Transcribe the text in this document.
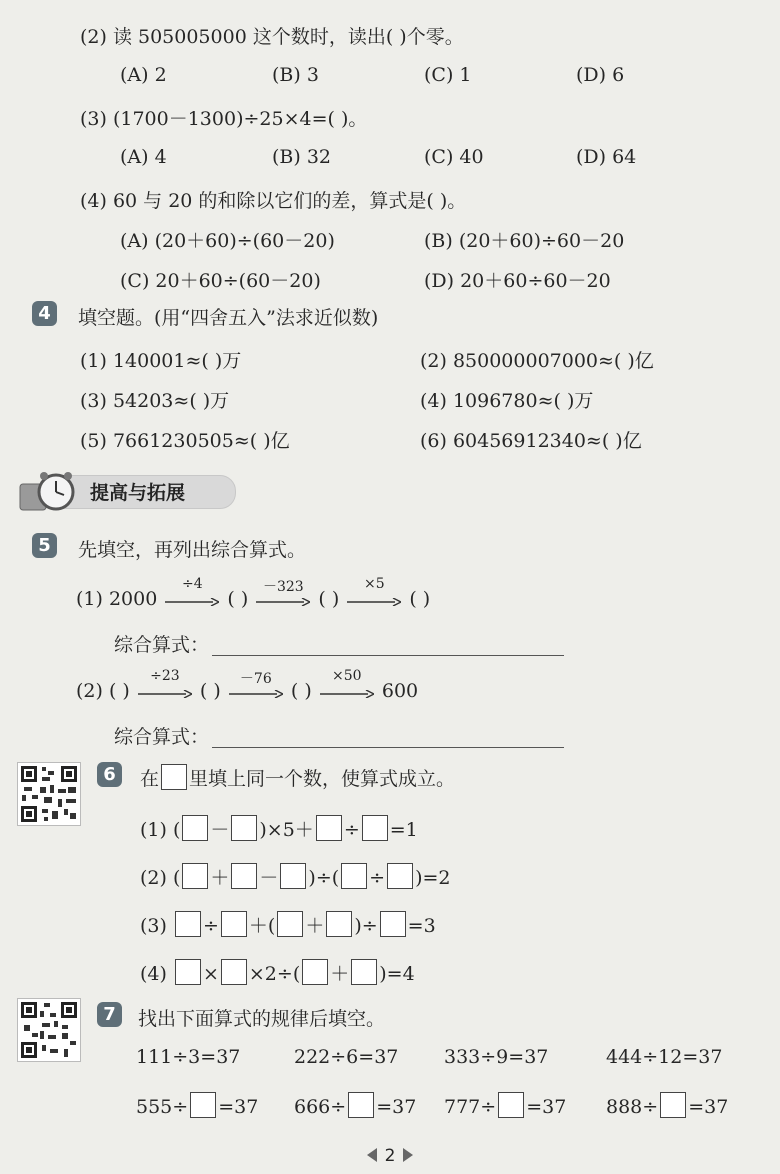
(2) 读 505005000 这个数时，读出( )个零。
(A) 2	(B) 3	(C) 1	(D) 6
(3) (1700－1300)÷25×4=( )。
(A) 4	(B) 32	(C) 40	(D) 64
(4) 60 与 20 的和除以它们的差，算式是( )。
(A) (20＋60)÷(60－20)	(B) (20＋60)÷60－20
(C) 20＋60÷(60－20)	(D) 20＋60÷60－20
4	填空题。(用“四舍五入”法求近似数)
(1) 140001≈( )万	(2) 850000007000≈( )亿
(3) 54203≈( )万	(4) 1096780≈( )万
(5) 7661230505≈( )亿	(6) 60456912340≈( )亿
提高与拓展
5	先填空，再列出综合算式。
(1) 2000
÷4
( )
－323
( )
×5
( )
综合算式：
(2) ( )
÷23
( )
－76
( )
×50
600
综合算式：
6	在 里填上同一个数，使算式成立。
(1) ( － )×5＋ ÷ =1
(2) ( ＋ － )÷( ÷ )=2
(3) ÷ ＋( ＋ )÷ =3
(4) × ×2÷( ＋ )=4
7	找出下面算式的规律后填空。
111÷3=37	222÷6=37 333÷9=37	444÷12=37
555÷ =37 666÷ =37 777÷ =37 888÷ =37
2
